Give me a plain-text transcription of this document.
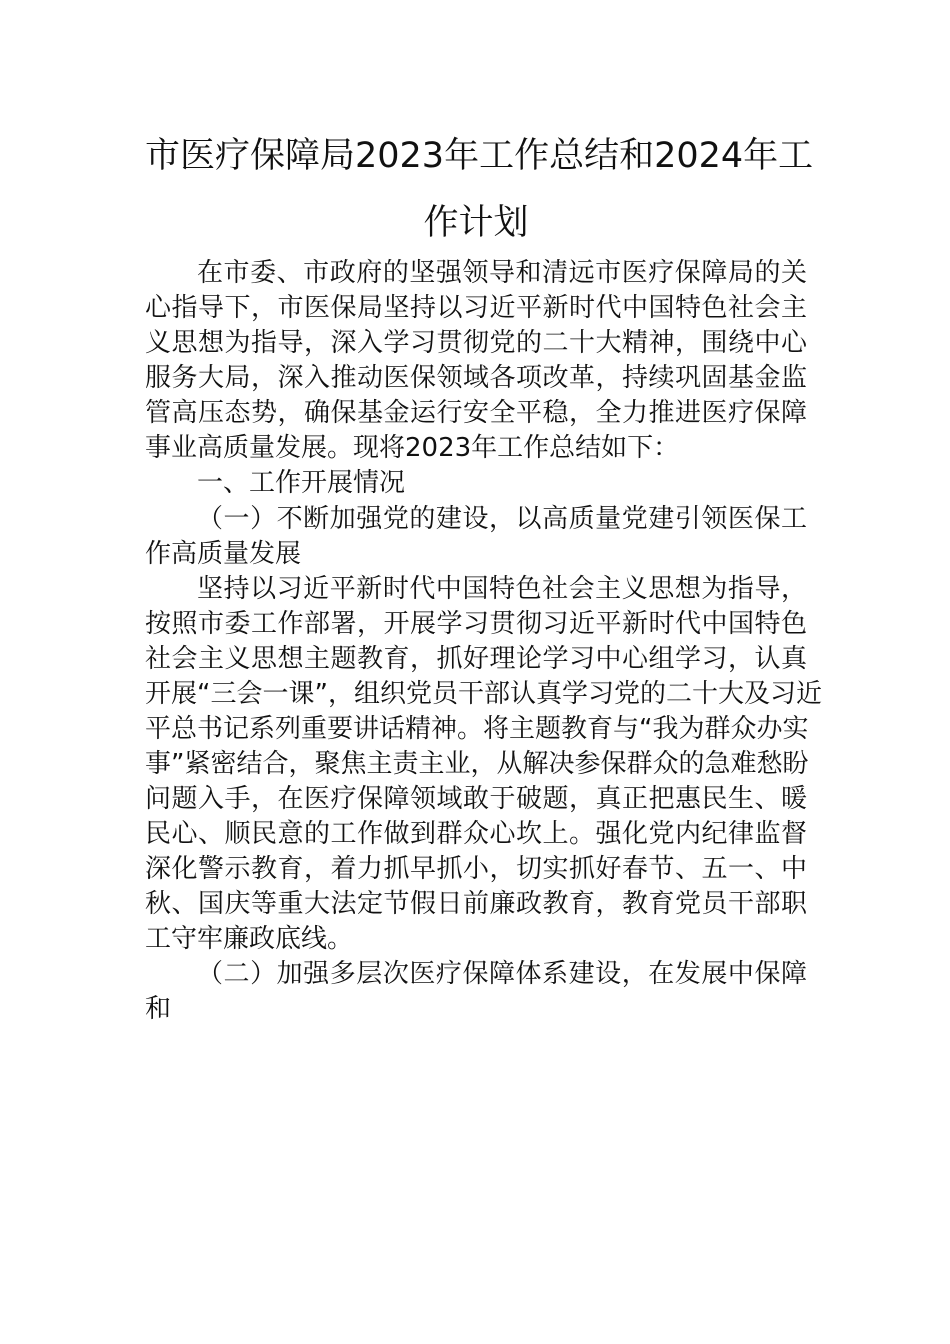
市医疗保障局2023年工作总结和2024年工
作计划
在市委、市政府的坚强领导和清远市医疗保障局的关
心指导下，市医保局坚持以习近平新时代中国特色社会主
义思想为指导，深入学习贯彻党的二十大精神，围绕中心
服务大局，深入推动医保领域各项改革，持续巩固基金监
管高压态势，确保基金运行安全平稳，全力推进医疗保障
事业高质量发展。现将2023年工作总结如下：
一、工作开展情况
（一）不断加强党的建设，以高质量党建引领医保工
作高质量发展
坚持以习近平新时代中国特色社会主义思想为指导，
按照市委工作部署，开展学习贯彻习近平新时代中国特色
社会主义思想主题教育，抓好理论学习中心组学习，认真
开展“三会一课”，组织党员干部认真学习党的二十大及习近
平总书记系列重要讲话精神。将主题教育与“我为群众办实
事”紧密结合，聚焦主责主业，从解决参保群众的急难愁盼
问题入手，在医疗保障领域敢于破题，真正把惠民生、暖
民心、顺民意的工作做到群众心坎上。强化党内纪律监督
深化警示教育，着力抓早抓小，切实抓好春节、五一、中
秋、国庆等重大法定节假日前廉政教育，教育党员干部职
工守牢廉政底线。
（二）加强多层次医疗保障体系建设，在发展中保障
和
